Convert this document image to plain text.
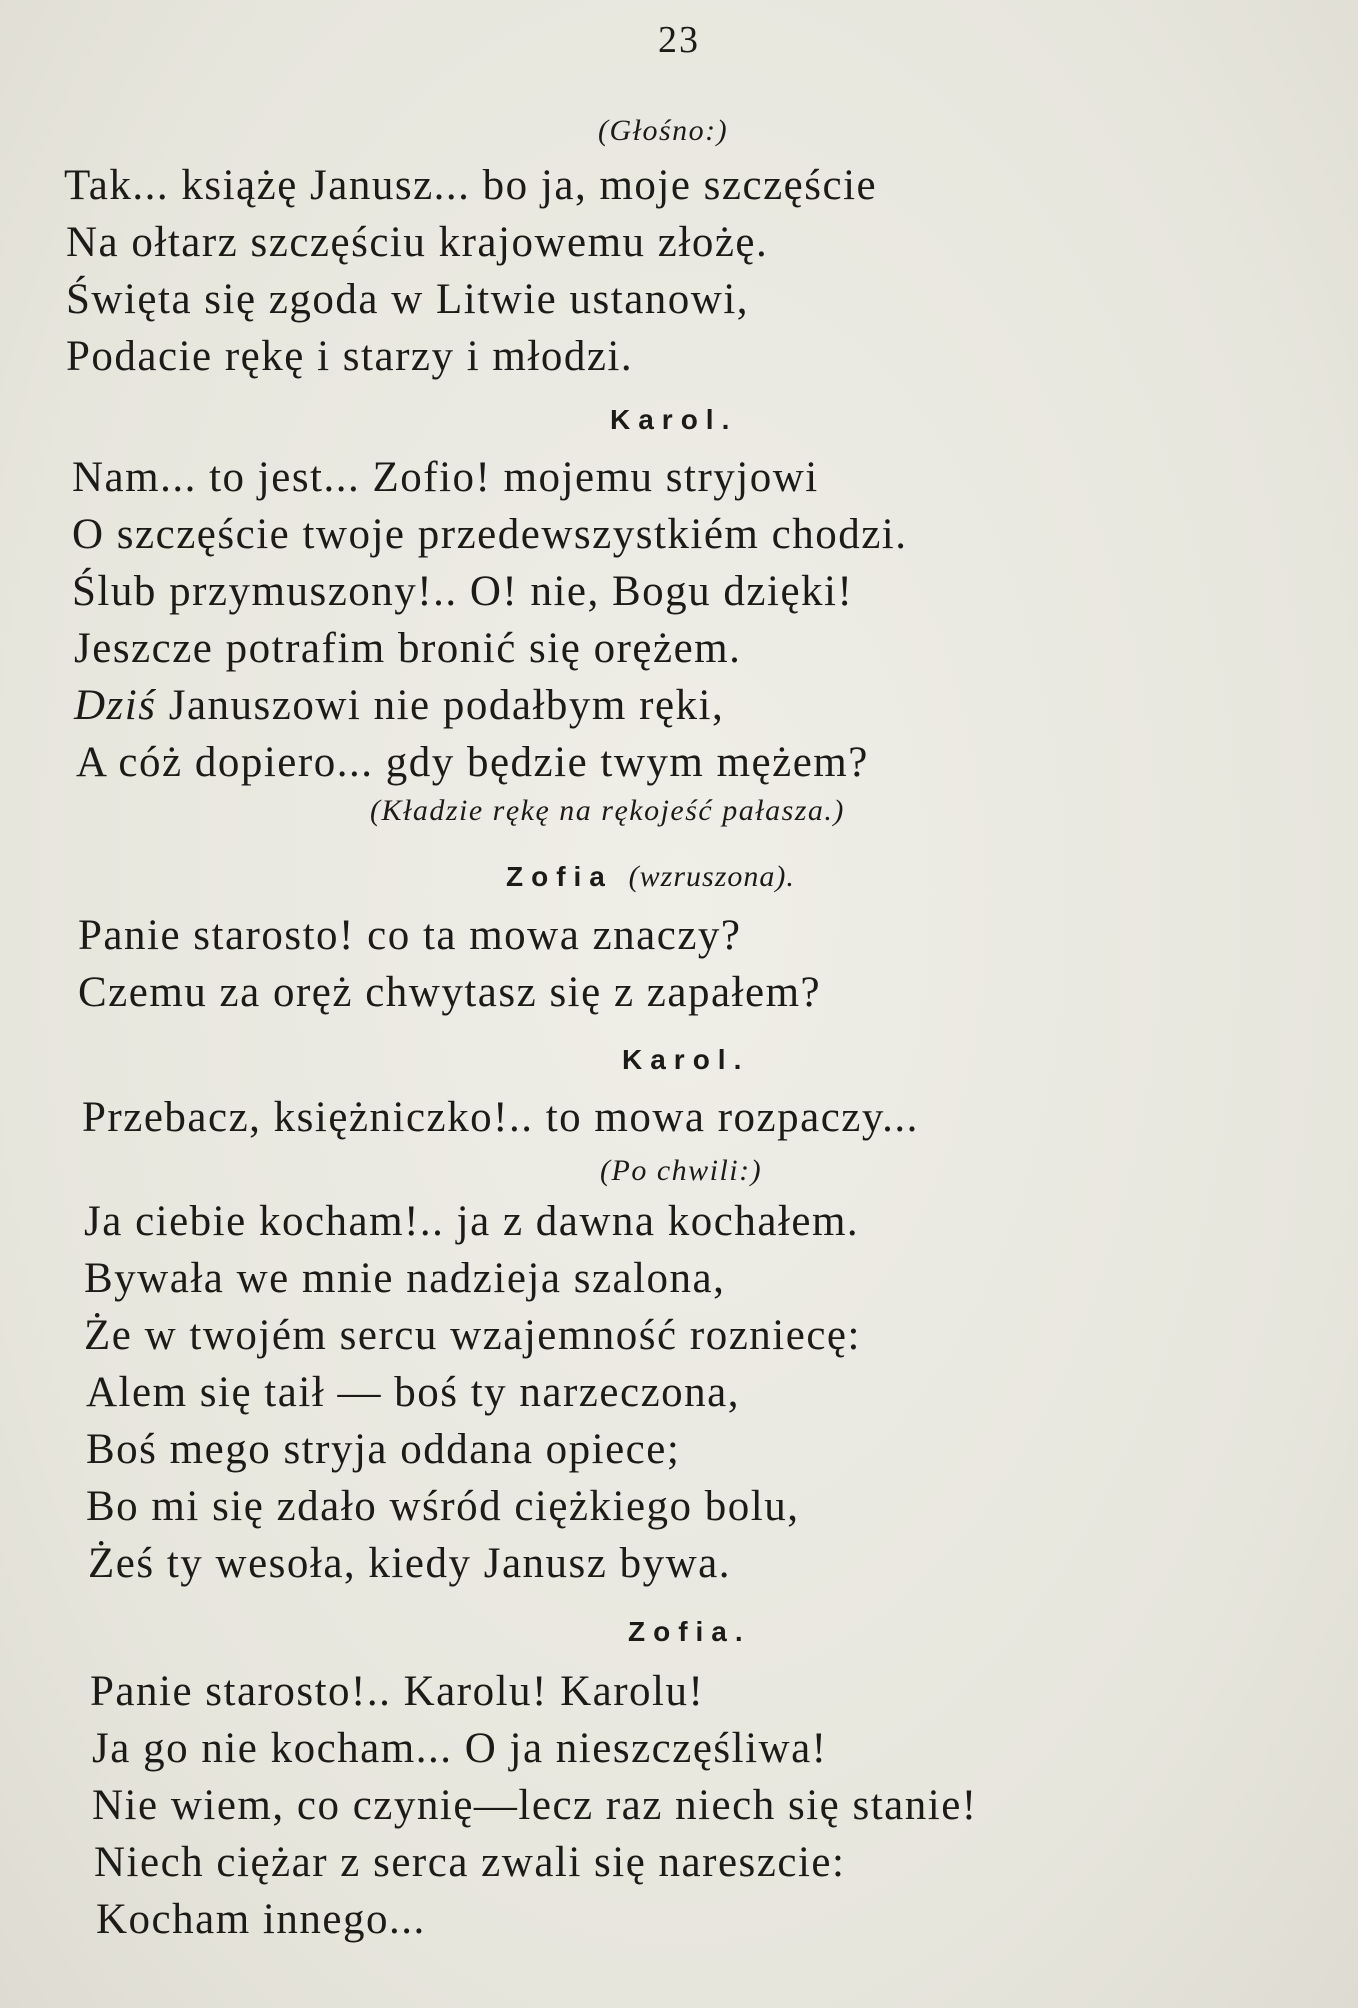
23
(Głośno:)
Tak... książę Janusz... bo ja, moje szczęście
Na ołtarz szczęściu krajowemu złożę.
Święta się zgoda w Litwie ustanowi,
Podacie rękę i starzy i młodzi.
Karol.
Nam... to jest... Zofio! mojemu stryjowi
O szczęście twoje przedewszystkiém chodzi.
Ślub przymuszony!.. O! nie, Bogu dzięki!
Jeszcze potrafim bronić się orężem.
Dziś Januszowi nie podałbym ręki,
A cóż dopiero... gdy będzie twym mężem?
(Kładzie rękę na rękojeść pałasza.)
Zofia (wzruszona).
Panie starosto! co ta mowa znaczy?
Czemu za oręż chwytasz się z zapałem?
Karol.
Przebacz, księżniczko!.. to mowa rozpaczy...
(Po chwili:)
Ja ciebie kocham!.. ja z dawna kochałem.
Bywała we mnie nadzieja szalona,
Że w twojém sercu wzajemność rozniecę:
Alem się taił — boś ty narzeczona,
Boś mego stryja oddana opiece;
Bo mi się zdało wśród ciężkiego bolu,
Żeś ty wesoła, kiedy Janusz bywa.
Zofia.
Panie starosto!.. Karolu! Karolu!
Ja go nie kocham... O ja nieszczęśliwa!
Nie wiem, co czynię—lecz raz niech się stanie!
Niech ciężar z serca zwali się nareszcie:
Kocham innego...
